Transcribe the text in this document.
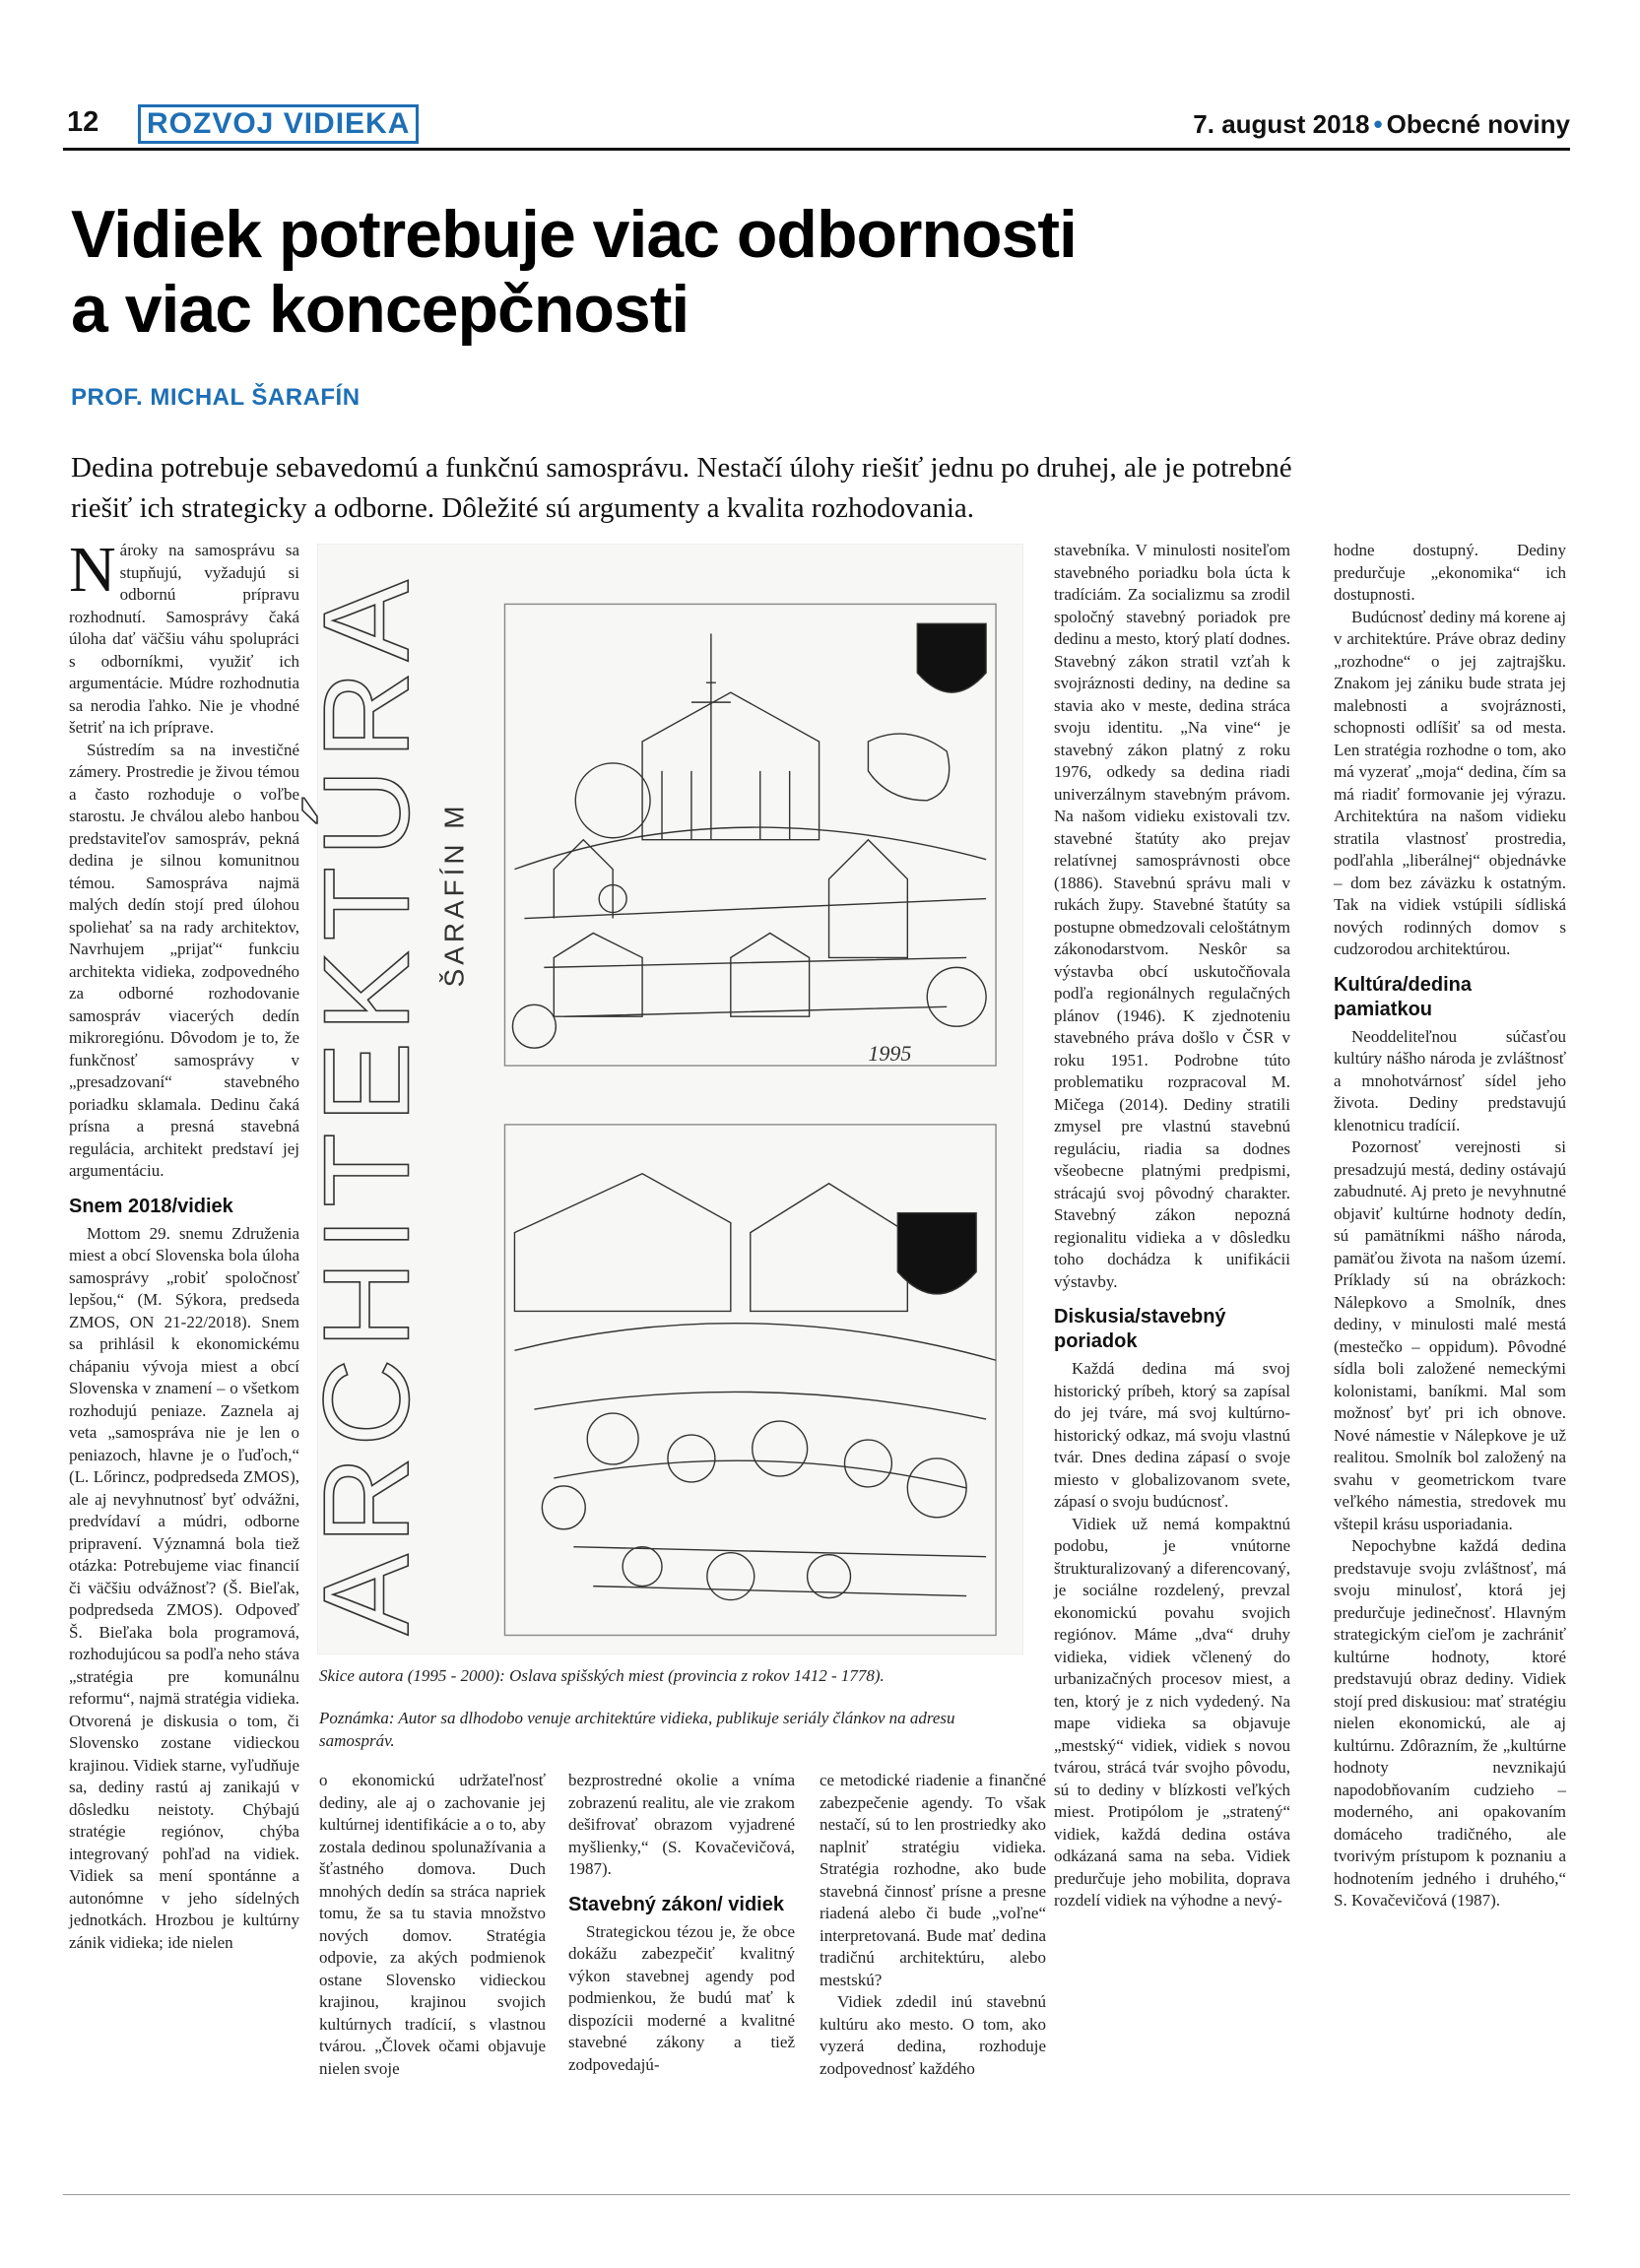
12	ROZVOJ VIDIEKA	7. august 2018 • Obecné noviny
Vidiek potrebuje viac odbornosti
a viac koncepčnosti
PROF. MICHAL ŠARAFÍN
Dedina potrebuje sebavedomú a funkčnú samosprávu. Nestačí úlohy riešiť jednu po druhej, ale je potrebné
riešiť ich strategicky a odborne. Dôležité sú argumenty a kvalita rozhodovania.

Nároky na samosprávu sa stupňujú, vyžadujú si odbornú prípravu rozhodnutí. Samosprávy čaká úloha dať väčšiu váhu spolupráci s odborníkmi, využiť ich argumentácie. Múdre rozhodnutia sa nerodia ľahko. Nie je vhodné šetriť na ich príprave.

Sústredím sa na investičné zámery. Prostredie je živou témou a často rozhoduje o voľbe starostu. Je chválou alebo hanbou predstaviteľov samospráv, pekná dedina je silnou komunitnou témou. Samospráva najmä malých dedín stojí pred úlohou spoliehať sa na rady architektov, Navrhujem „prijať“ funkciu architekta vidieka, zodpovedného za odborné rozhodovanie samospráv viacerých dedín mikroregiónu. Dôvodom je to, že funkčnosť samosprávy v „presadzovaní“ stavebného poriadku sklamala. Dedinu čaká prísna a presná stavebná regulácia, architekt predstaví jej argumentáciu.

Snem 2018/vidiek

Mottom 29. snemu Združenia miest a obcí Slovenska bola úloha samosprávy „robiť spoločnosť lepšou,“ (M. Sýkora, predseda ZMOS, ON 21-22/2018). Snem sa prihlásil k ekonomickému chápaniu vývoja miest a obcí Slovenska v znamení – o všetkom rozhodujú peniaze. Zaznela aj veta „samospráva nie je len o peniazoch, hlavne je o ľuďoch,“ (L. Lőrincz, podpredseda ZMOS), ale aj nevyhnutnosť byť odvážni, predvídaví a múdri, odborne pripravení. Významná bola tiež otázka: Potrebujeme viac financií či väčšiu odvážnosť? (Š. Bieľak, podpredseda ZMOS). Odpoveď Š. Bieľaka bola programová, rozhodujúcou sa podľa neho stáva „stratégia pre komunálnu reformu“, najmä stratégia vidieka. Otvorená je diskusia o tom, či Slovensko zostane vidieckou krajinou. Vidiek starne, vyľudňuje sa, dediny rastú aj zanikajú v dôsledku neistoty. Chýbajú stratégie regiónov, chýba integrovaný pohľad na vidiek. Vidiek sa mení spontánne a autonómne v jeho sídelných jednotkách. Hrozbou je kultúrny zánik vidieka; ide nielen

ARCHITEKTÚRA ŠARAFÍN M
1995
Skice autora (1995 - 2000): Oslava spišských miest (provincia z rokov 1412 - 1778).
Poznámka: Autor sa dlhodobo venuje architektúre vidieka, publikuje seriály článkov na adresu samospráv.

o ekonomickú udržateľnosť dediny, ale aj o zachovanie jej kultúrnej identifikácie a o to, aby zostala dedinou spolunažívania a šťastného domova. Duch mnohých dedín sa stráca napriek tomu, že sa tu stavia množstvo nových domov. Stratégia odpovie, za akých podmienok ostane Slovensko vidieckou krajinou, krajinou svojich kultúrnych tradícií, s vlastnou tvárou. „Človek očami objavuje nielen svoje

bezprostredné okolie a vníma zobrazenú realitu, ale vie zrakom dešifrovať obrazom vyjadrené myšlienky,“ (S. Kovačevičová, 1987).

Stavebný zákon/ vidiek

Strategickou tézou je, že obce dokážu zabezpečiť kvalitný výkon stavebnej agendy pod podmienkou, že budú mať k dispozícii moderné a kvalitné stavebné zákony a tiež zodpovedajú-

ce metodické riadenie a finančné zabezpečenie agendy. To však nestačí, sú to len prostriedky ako naplniť stratégiu vidieka. Stratégia rozhodne, ako bude stavebná činnosť prísne a presne riadená alebo či bude „voľne“ interpretovaná. Bude mať dedina tradičnú architektúru, alebo mestskú?

Vidiek zdedil inú stavebnú kultúru ako mesto. O tom, ako vyzerá dedina, rozhoduje zodpovednosť každého

stavebníka. V minulosti nositeľom stavebného poriadku bola úcta k tradíciám. Za socializmu sa zrodil spoločný stavebný poriadok pre dedinu a mesto, ktorý platí dodnes. Stavebný zákon stratil vzťah k svojráznosti dediny, na dedine sa stavia ako v meste, dedina stráca svoju identitu. „Na vine“ je stavebný zákon platný z roku 1976, odkedy sa dedina riadi univerzálnym stavebným právom. Na našom vidieku existovali tzv. stavebné štatúty ako prejav relatívnej samosprávnosti obce (1886). Stavebnú správu mali v rukách župy. Stavebné štatúty sa postupne obmedzovali celoštátnym zákonodarstvom. Neskôr sa výstavba obcí uskutočňovala podľa regionálnych regulačných plánov (1946). K zjednoteniu stavebného práva došlo v ČSR v roku 1951. Podrobne túto problematiku rozpracoval M. Mičega (2014). Dediny stratili zmysel pre vlastnú stavebnú reguláciu, riadia sa dodnes všeobecne platnými predpismi, strácajú svoj pôvodný charakter. Stavebný zákon nepozná regionalitu vidieka a v dôsledku toho dochádza k unifikácii výstavby.

Diskusia/stavebný poriadok

Každá dedina má svoj historický príbeh, ktorý sa zapísal do jej tváre, má svoj kultúrno-historický odkaz, má svoju vlastnú tvár. Dnes dedina zápasí o svoje miesto v globalizovanom svete, zápasí o svoju budúcnosť.

Vidiek už nemá kompaktnú podobu, je vnútorne štrukturalizovaný a diferencovaný, je sociálne rozdelený, prevzal ekonomickú povahu svojich regiónov. Máme „dva“ druhy vidieka, vidiek včlenený do urbanizačných procesov miest, a ten, ktorý je z nich vydedený. Na mape vidieka sa objavuje „mestský“ vidiek, vidiek s novou tvárou, strácá tvár svojho pôvodu, sú to dediny v blízkosti veľkých miest. Protipólom je „stratený“ vidiek, každá dedina ostáva odkázaná sama na seba. Vidiek predurčuje jeho mobilita, doprava rozdelí vidiek na výhodne a nevý-

hodne dostupný. Dediny predurčuje „ekonomika“ ich dostupnosti.

Budúcnosť dediny má korene aj v architektúre. Práve obraz dediny „rozhodne“ o jej zajtrajšku. Znakom jej zániku bude strata jej malebnosti a svojráznosti, schopnosti odlíšiť sa od mesta. Len stratégia rozhodne o tom, ako má vyzerať „moja“ dedina, čím sa má riadiť formovanie jej výrazu. Architektúra na našom vidieku stratila vlastnosť prostredia, podľahla „liberálnej“ objednávke – dom bez záväzku k ostatným. Tak na vidiek vstúpili sídliská nových rodinných domov s cudzorodou architektúrou.

Kultúra/dedina pamiatkou

Neoddeliteľnou súčasťou kultúry nášho národa je zvláštnosť a mnohotvárnosť sídel jeho života. Dediny predstavujú klenotnicu tradícií.

Pozornosť verejnosti si presadzujú mestá, dediny ostávajú zabudnuté. Aj preto je nevyhnutné objaviť kultúrne hodnoty dedín, sú pamätníkmi nášho národa, pamäťou života na našom území. Príklady sú na obrázkoch: Nálepkovo a Smolník, dnes dediny, v minulosti malé mestá (mestečko – oppidum). Pôvodné sídla boli založené nemeckými kolonistami, baníkmi. Mal som možnosť byť pri ich obnove. Nové námestie v Nálepkove je už realitou. Smolník bol založený na svahu v geometrickom tvare veľkého námestia, stredovek mu vštepil krásu usporiadania.

Nepochybne každá dedina predstavuje svoju zvláštnosť, má svoju minulosť, ktorá jej predurčuje jedinečnosť. Hlavným strategickým cieľom je zachrániť kultúrne hodnoty, ktoré predstavujú obraz dediny. Vidiek stojí pred diskusiou: mať stratégiu nielen ekonomickú, ale aj kultúrnu. Zdôrazním, že „kultúrne hodnoty nevznikajú napodobňovaním cudzieho – moderného, ani opakovaním domáceho tradičného, ale tvorivým prístupom k poznaniu a hodnotením jedného i druhého,“ S. Kovačevičová (1987).
